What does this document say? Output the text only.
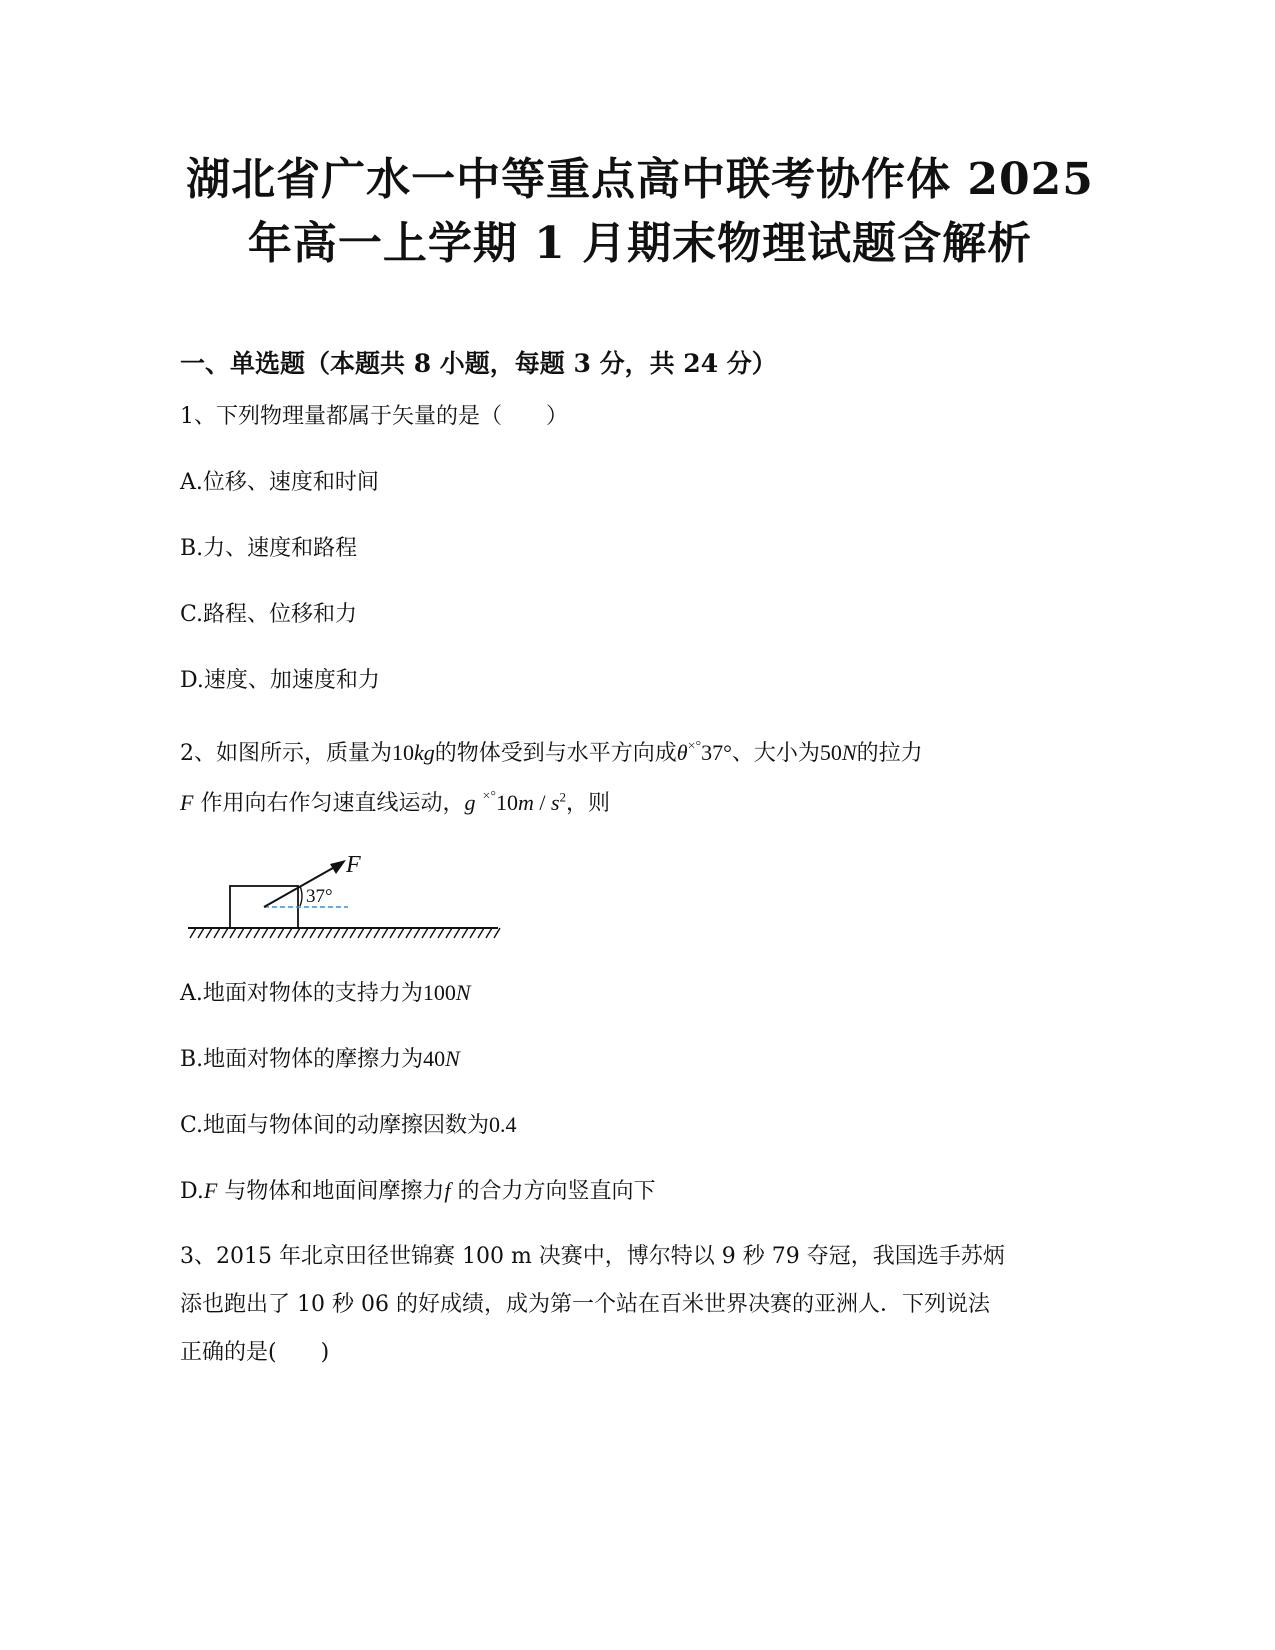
湖北省广水一中等重点高中联考协作体 2025
年高一上学期 1 月期末物理试题含解析

一、单选题（本题共 8 小题，每题 3 分，共 24 分）

1、下列物理量都属于矢量的是（　　）

A.位移、速度和时间

B.力、速度和路程

C.路程、位移和力

D.速度、加速度和力

2、如图所示，质量为10kg的物体受到与水平方向成θ×°37°、大小为50N的拉力

F 作用向右作匀速直线运动，g $^{\times^\circ}10m / s^2$，则

F
37°

A.地面对物体的支持力为100N

B.地面对物体的摩擦力为40N

C.地面与物体间的动摩擦因数为0.4

D.F 与物体和地面间摩擦力f 的合力方向竖直向下

3、2015 年北京田径世锦赛 100 m 决赛中，博尔特以 9 秒 79 夺冠，我国选手苏炳

添也跑出了 10 秒 06 的好成绩，成为第一个站在百米世界决赛的亚洲人．下列说法

正确的是(　　)
